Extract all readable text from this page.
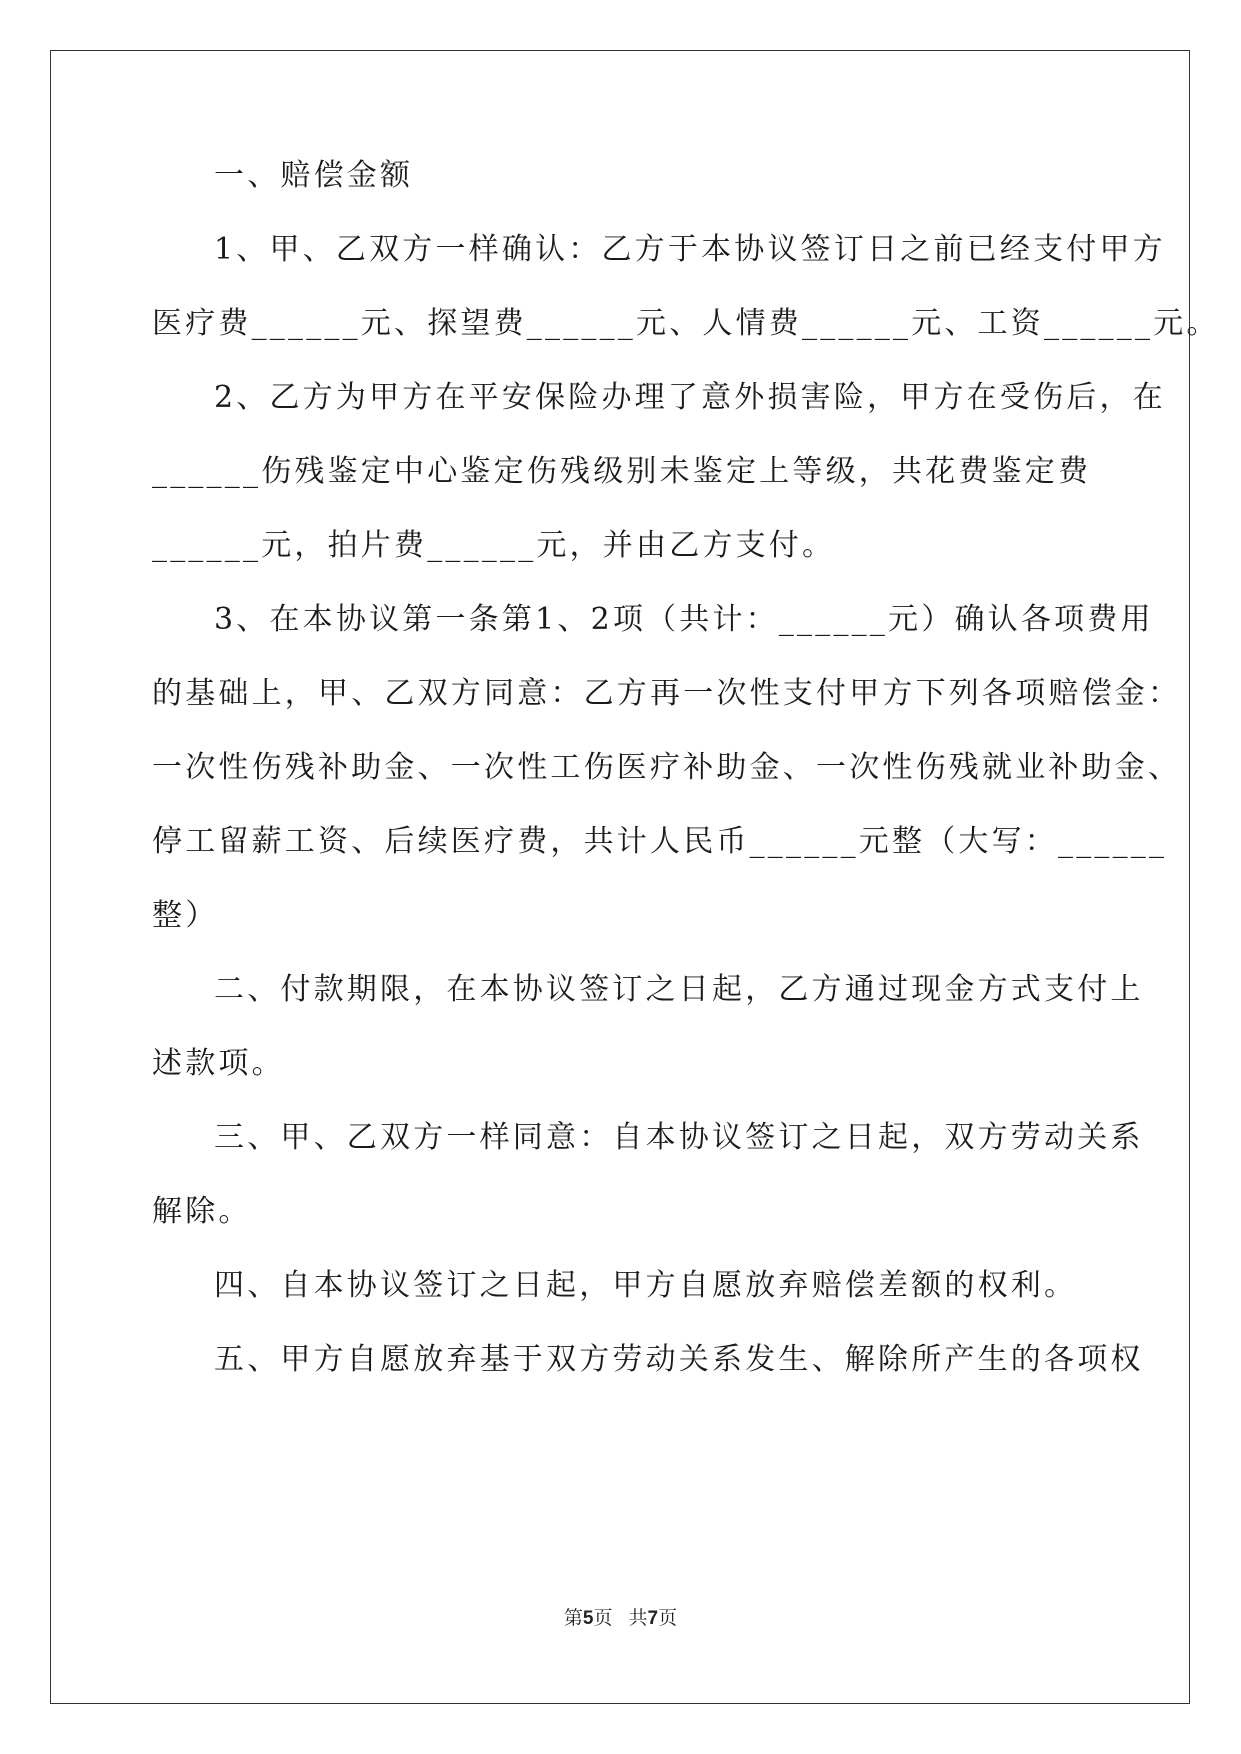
一、赔偿金额

1、甲、乙双方一样确认：乙方于本协议签订日之前已经支付甲方

医疗费______元、探望费______元、人情费______元、工资______元。

2、乙方为甲方在平安保险办理了意外损害险，甲方在受伤后，在

______伤残鉴定中心鉴定伤残级别未鉴定上等级，共花费鉴定费

______元，拍片费______元，并由乙方支付。

3、在本协议第一条第1、2项（共计：______元）确认各项费用

的基础上，甲、乙双方同意：乙方再一次性支付甲方下列各项赔偿金：

一次性伤残补助金、一次性工伤医疗补助金、一次性伤残就业补助金、

停工留薪工资、后续医疗费，共计人民币______元整（大写：______

整）

二、付款期限，在本协议签订之日起，乙方通过现金方式支付上

述款项。

三、甲、乙双方一样同意：自本协议签订之日起，双方劳动关系

解除。

四、自本协议签订之日起，甲方自愿放弃赔偿差额的权利。

五、甲方自愿放弃基于双方劳动关系发生、解除所产生的各项权

第5页 共7页
